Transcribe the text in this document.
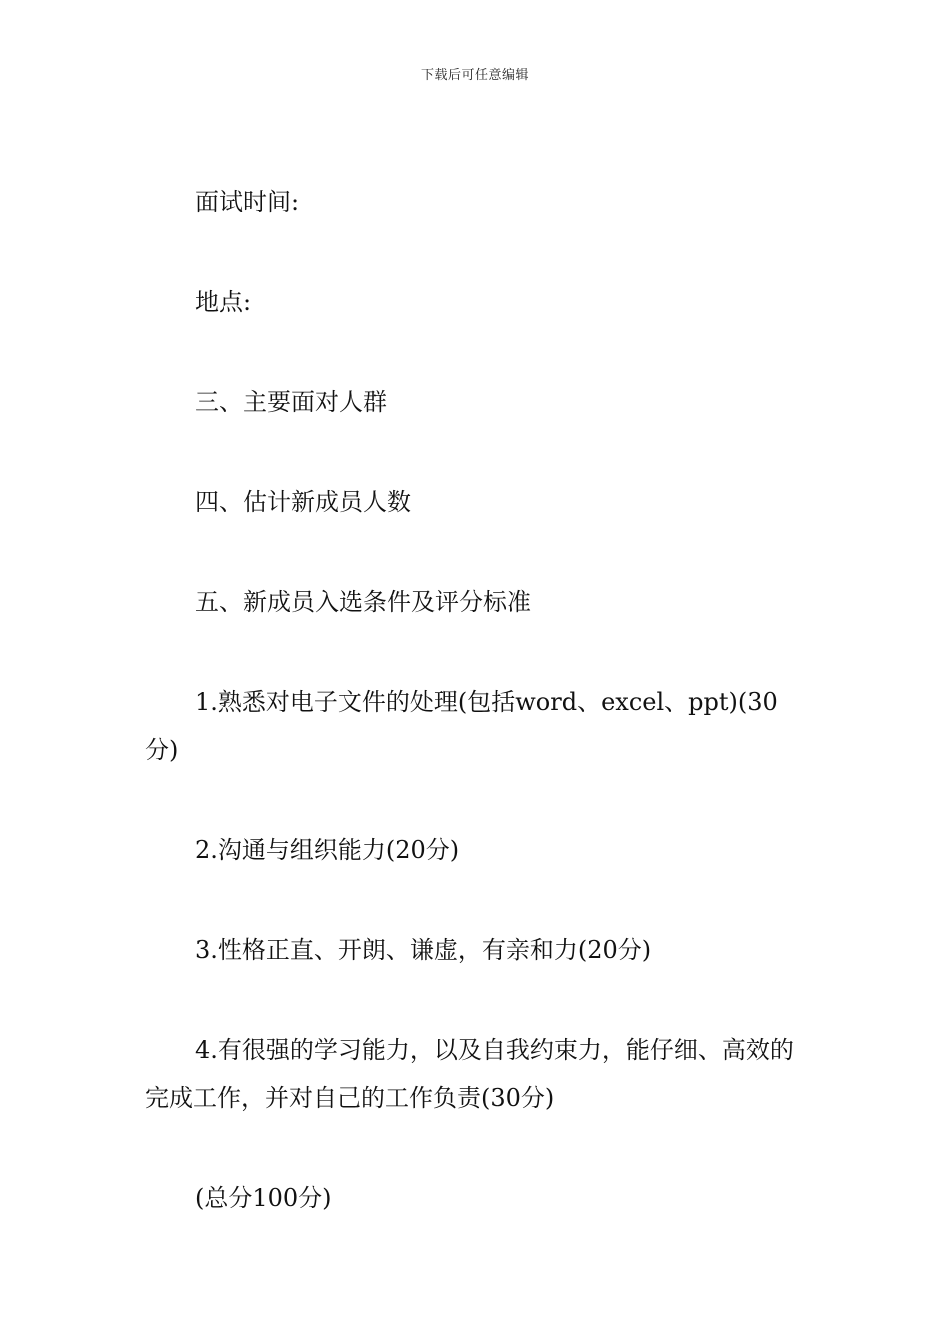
下载后可任意编辑

面试时间:

地点:

三、主要面对人群

四、估计新成员人数

五、新成员入选条件及评分标准

1.熟悉对电子文件的处理(包括word、excel、ppt)(30分)

2.沟通与组织能力(20分)

3.性格正直、开朗、谦虚，有亲和力(20分)

4.有很强的学习能力，以及自我约束力，能仔细、高效的完成工作，并对自己的工作负责(30分)

(总分100分)
